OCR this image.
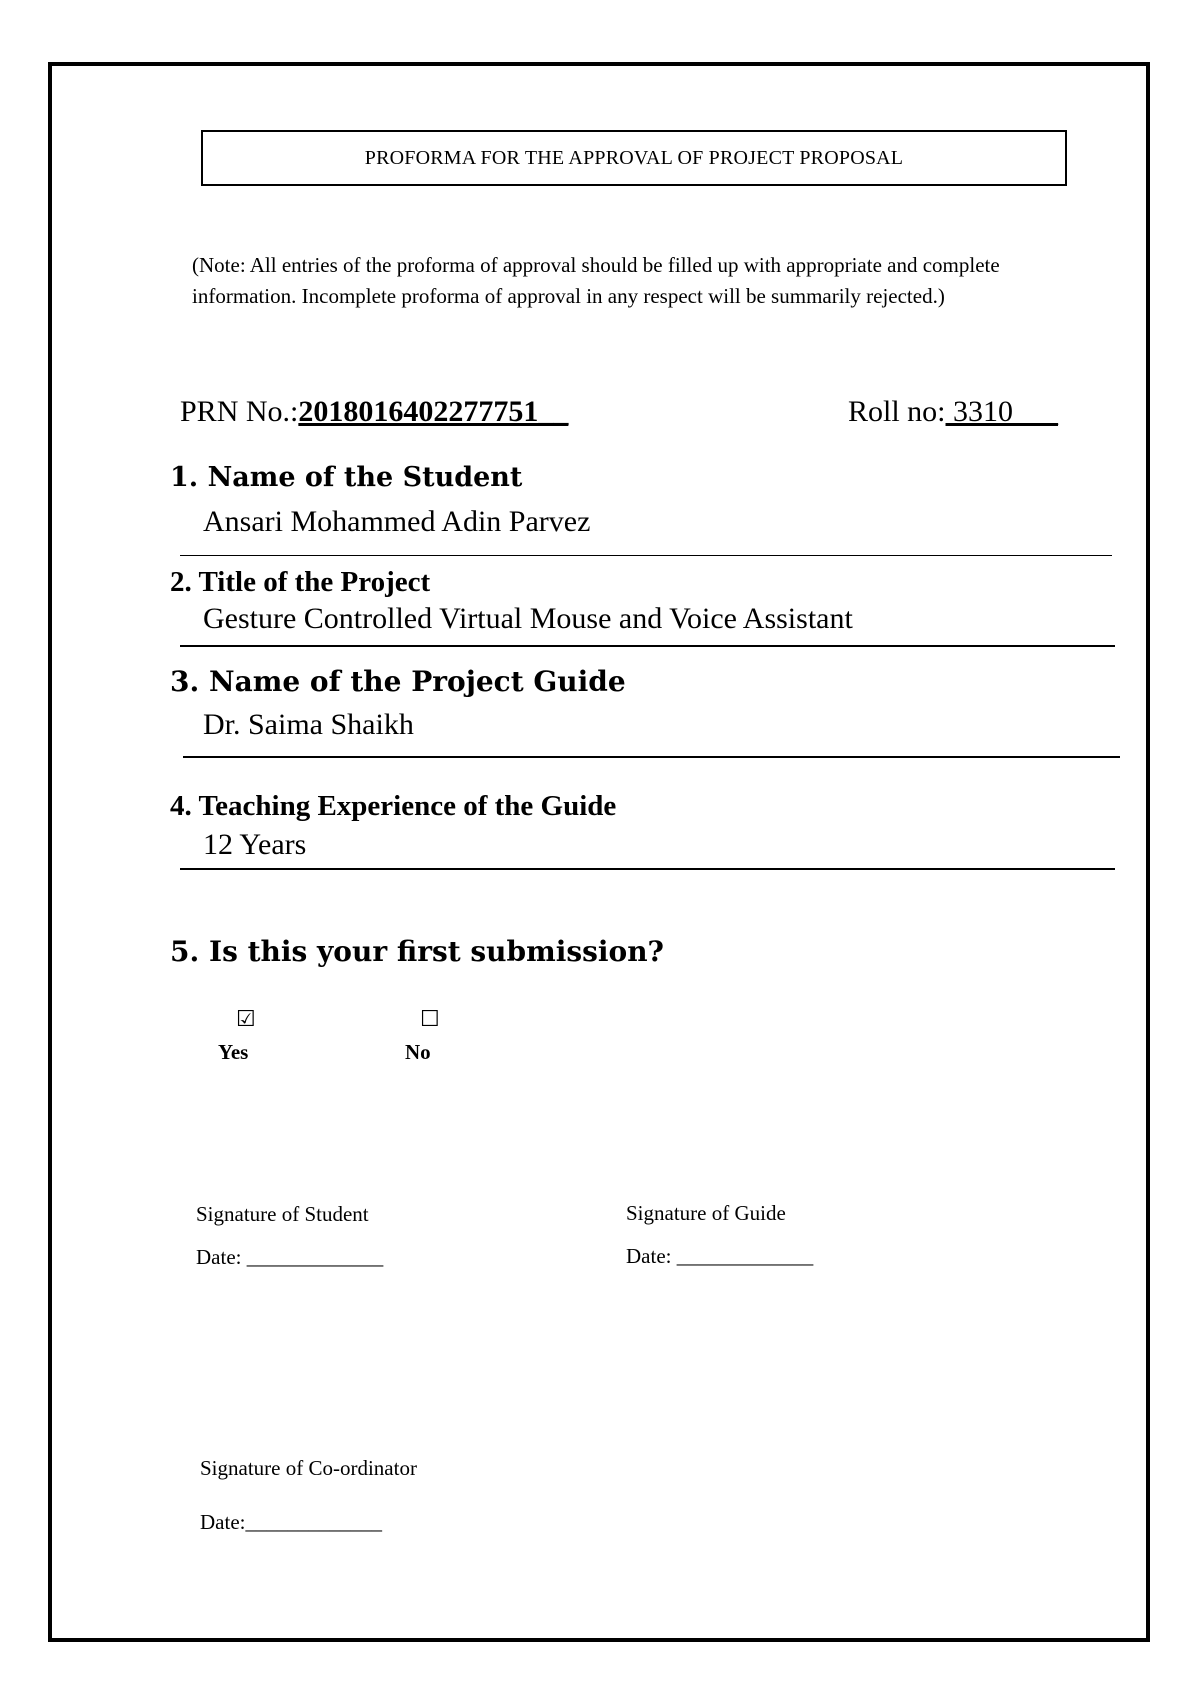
PROFORMA FOR THE APPROVAL OF PROJECT PROPOSAL
(Note: All entries of the proforma of approval should be filled up with appropriate and complete information. Incomplete proforma of approval in any respect will be summarily rejected.)
PRN No.:2018016402277751__	Roll no: 3310___
1. Name of the Student
Ansari Mohammed Adin Parvez
2. Title of the Project
Gesture Controlled Virtual Mouse and Voice Assistant
3. Name of the Project Guide
Dr. Saima Shaikh
4. Teaching Experience of the Guide
12 Years
5. Is this your first submission?
☑
Yes
☐
No
Signature of Student
Date: _____________
Signature of Guide
Date: _____________
Signature of Co-ordinator
Date:_____________
